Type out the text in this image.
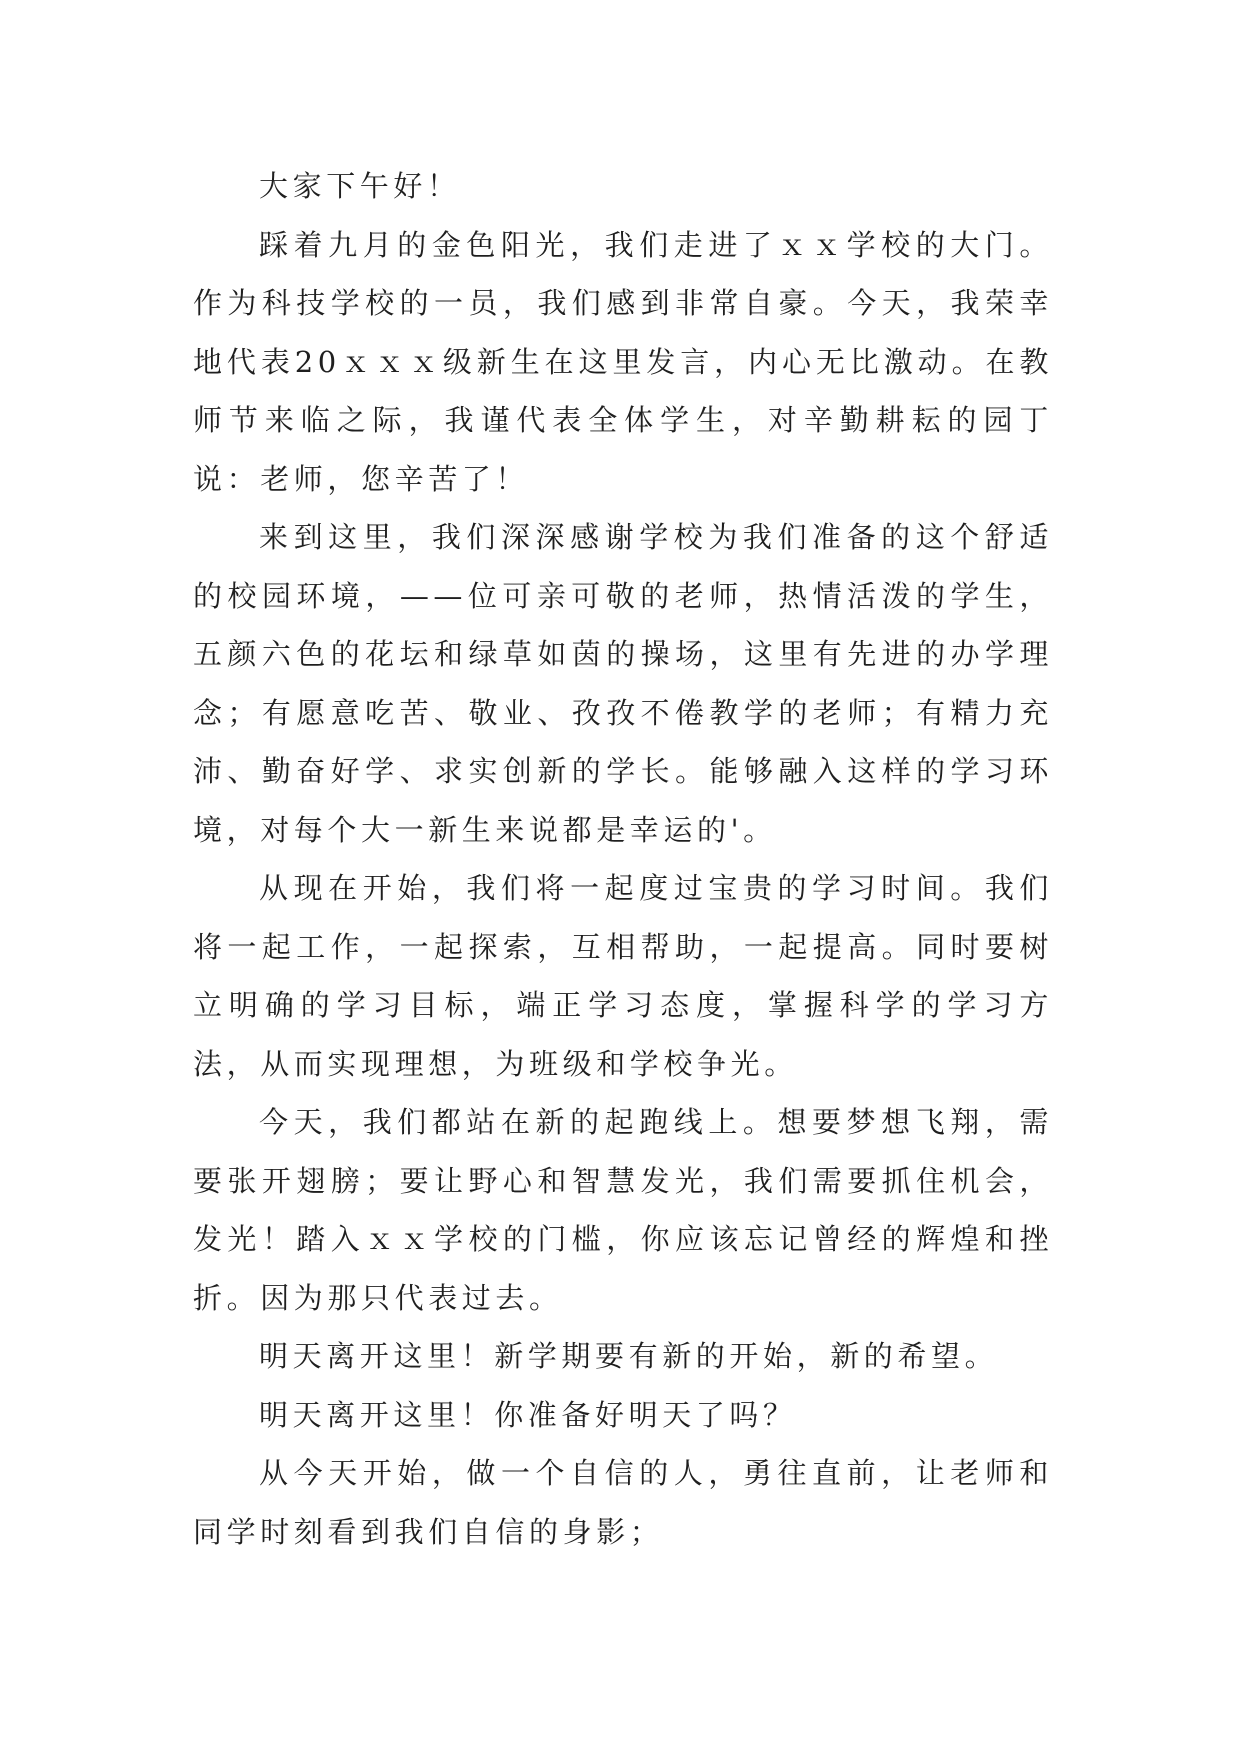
大家下午好！

踩着九月的金色阳光，我们走进了ｘｘ学校的大门。作为科技学校的一员，我们感到非常自豪。今天，我荣幸地代表20ｘｘｘ级新生在这里发言，内心无比激动。在教师节来临之际，我谨代表全体学生，对辛勤耕耘的园丁说：老师，您辛苦了！

来到这里，我们深深感谢学校为我们准备的这个舒适的校园环境，——位可亲可敬的老师，热情活泼的学生，五颜六色的花坛和绿草如茵的操场，这里有先进的办学理念；有愿意吃苦、敬业、孜孜不倦教学的老师；有精力充沛、勤奋好学、求实创新的学长。能够融入这样的学习环境，对每个大一新生来说都是幸运的'。

从现在开始，我们将一起度过宝贵的学习时间。我们将一起工作，一起探索，互相帮助，一起提高。同时要树立明确的学习目标，端正学习态度，掌握科学的学习方法，从而实现理想，为班级和学校争光。

今天，我们都站在新的起跑线上。想要梦想飞翔，需要张开翅膀；要让野心和智慧发光，我们需要抓住机会，发光！踏入ｘｘ学校的门槛，你应该忘记曾经的辉煌和挫折。因为那只代表过去。

明天离开这里！新学期要有新的开始，新的希望。

明天离开这里！你准备好明天了吗？

从今天开始，做一个自信的人，勇往直前，让老师和同学时刻看到我们自信的身影；
